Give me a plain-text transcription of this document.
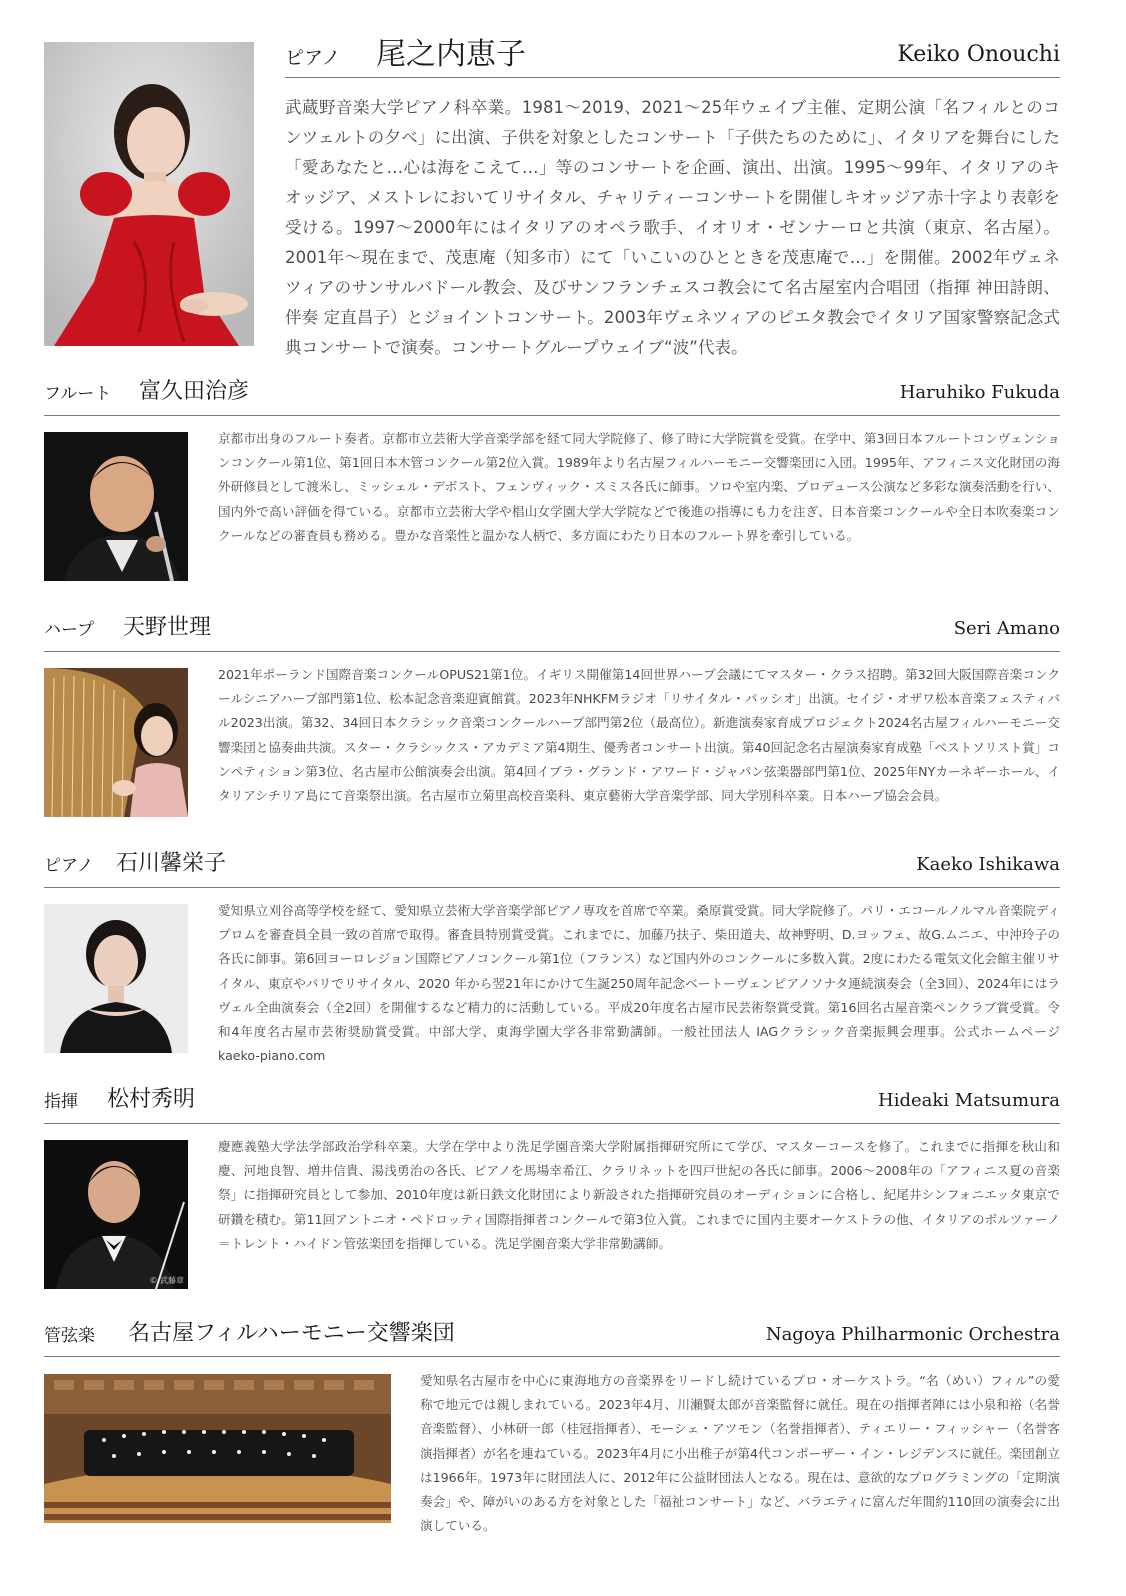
ピアノ 尾之内恵子	Keiko Onouchi
武蔵野音楽大学ピアノ科卒業。1981〜2019、2021〜25年ウェイブ主催、定期公演「名フィルとのコンツェルトの夕べ」に出演、子供を対象としたコンサート「子供たちのために」、イタリアを舞台にした「愛あなたと…心は海をこえて…」等のコンサートを企画、演出、出演。1995〜99年、イタリアのキオッジア、メストレにおいてリサイタル、チャリティーコンサートを開催しキオッジア赤十字より表彰を受ける。1997〜2000年にはイタリアのオペラ歌手、イオリオ・ゼンナーロと共演（東京、名古屋）。2001年〜現在まで、茂恵庵（知多市）にて「いこいのひとときを茂恵庵で…」を開催。2002年ヴェネツィアのサンサルバドール教会、及びサンフランチェスコ教会にて名古屋室内合唱団（指揮 神田詩朗、伴奏 定直昌子）とジョイントコンサート。2003年ヴェネツィアのピエタ教会でイタリア国家警察記念式典コンサートで演奏。コンサートグループウェイブ“波”代表。
フルート 富久田治彦	Haruhiko Fukuda
京都市出身のフルート奏者。京都市立芸術大学音楽学部を経て同大学院修了、修了時に大学院賞を受賞。在学中、第3回日本フルートコンヴェンションコンクール第1位、第1回日本木管コンクール第2位入賞。1989年より名古屋フィルハーモニー交響楽団に入団。1995年、アフィニス文化財団の海外研修員として渡米し、ミッシェル・デボスト、フェンヴィック・スミス各氏に師事。ソロや室内楽、プロデュース公演など多彩な演奏活動を行い、国内外で高い評価を得ている。京都市立芸術大学や椙山女学園大学大学院などで後進の指導にも力を注ぎ、日本音楽コンクールや全日本吹奏楽コンクールなどの審査員も務める。豊かな音楽性と温かな人柄で、多方面にわたり日本のフルート界を牽引している。
ハープ 天野世理	Seri Amano
2021年ポーランド国際音楽コンクールOPUS21第1位。イギリス開催第14回世界ハープ会議にてマスター・クラス招聘。第32回大阪国際音楽コンクールシニアハープ部門第1位、松本記念音楽迎賓館賞。2023年NHKFMラジオ「リサイタル・パッシオ」出演。セイジ・オザワ松本音楽フェスティバル2023出演。第32、34回日本クラシック音楽コンクールハープ部門第2位（最高位）。新進演奏家育成プロジェクト2024名古屋フィルハーモニー交響楽団と協奏曲共演。スター・クラシックス・アカデミア第4期生、優秀者コンサート出演。第40回記念名古屋演奏家育成塾「ベストソリスト賞」コンペティション第3位、名古屋市公館演奏会出演。第4回イブラ・グランド・アワード・ジャパン弦楽器部門第1位、2025年NYカーネギーホール、イタリアシチリア島にて音楽祭出演。名古屋市立菊里高校音楽科、東京藝術大学音楽学部、同大学別科卒業。日本ハープ協会会員。
ピアノ 石川馨栄子	Kaeko Ishikawa
愛知県立刈谷高等学校を経て、愛知県立芸術大学音楽学部ピアノ専攻を首席で卒業。桑原賞受賞。同大学院修了。パリ・エコールノルマル音楽院ディプロムを審査員全員一致の首席で取得。審査員特別賞受賞。これまでに、加藤乃扶子、柴田道夫、故神野明、D.ヨッフェ、故G.ムニエ、中沖玲子の各氏に師事。第6回ヨーロレジョン国際ピアノコンクール第1位（フランス）など国内外のコンクールに多数入賞。2度にわたる電気文化会館主催リサイタル、東京やパリでリサイタル、2020 年から翌21年にかけて生誕250周年記念ベートーヴェンピアノソナタ連続演奏会（全3回）、2024年にはラヴェル全曲演奏会（全2回）を開催するなど精力的に活動している。平成20年度名古屋市民芸術祭賞受賞。第16回名古屋音楽ペンクラブ賞受賞。令和4年度名古屋市芸術奨励賞受賞。中部大学、東海学園大学各非常勤講師。一般社団法人 IAGクラシック音楽振興会理事。公式ホームページ　kaeko-piano.com
指揮 松村秀明	Hideaki Matsumura
© 武藤章
慶應義塾大学法学部政治学科卒業。大学在学中より洗足学園音楽大学附属指揮研究所にて学び、マスターコースを修了。これまでに指揮を秋山和慶、河地良智、増井信貴、湯浅勇治の各氏、ピアノを馬場幸希江、クラリネットを四戸世紀の各氏に師事。2006〜2008年の「アフィニス夏の音楽祭」に指揮研究員として参加、2010年度は新日鉄文化財団により新設された指揮研究員のオーディションに合格し、紀尾井シンフォニエッタ東京で研鑽を積む。第11回アントニオ・ペドロッティ国際指揮者コンクールで第3位入賞。これまでに国内主要オーケストラの他、イタリアのボルツァーノ＝トレント・ハイドン管弦楽団を指揮している。洗足学園音楽大学非常勤講師。
管弦楽 名古屋フィルハーモニー交響楽団	Nagoya Philharmonic Orchestra
愛知県名古屋市を中心に東海地方の音楽界をリードし続けているプロ・オーケストラ。“名（めい）フィル”の愛称で地元では親しまれている。2023年4月、川瀬賢太郎が音楽監督に就任。現在の指揮者陣には小泉和裕（名誉音楽監督）、小林研一郎（桂冠指揮者）、モーシェ・アツモン（名誉指揮者）、ティエリー・フィッシャー（名誉客演指揮者）が名を連ねている。2023年4月に小出稚子が第4代コンポーザー・イン・レジデンスに就任。楽団創立は1966年。1973年に財団法人に、2012年に公益財団法人となる。現在は、意欲的なプログラミングの「定期演奏会」や、障がいのある方を対象とした「福祉コンサート」など、バラエティに富んだ年間約110回の演奏会に出演している。
